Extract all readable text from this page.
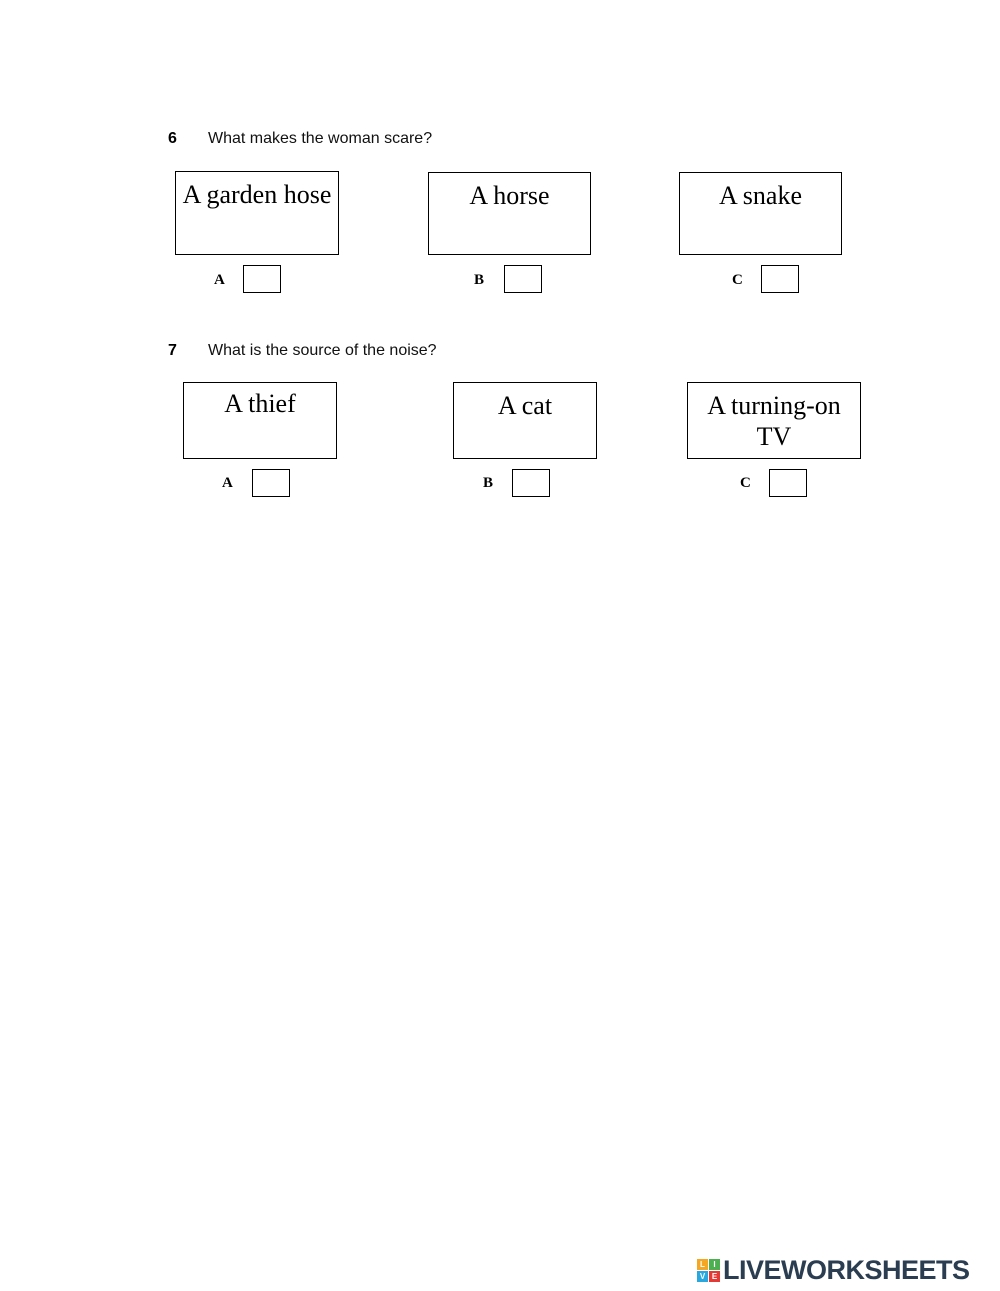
6 What makes the woman scare?
A garden hose	A horse	A snake
A	B	C
7 What is the source of the noise?
A thief	A cat	A turning-on TV
A	B	C
L	I
V E LIVEWORKSHEETS
